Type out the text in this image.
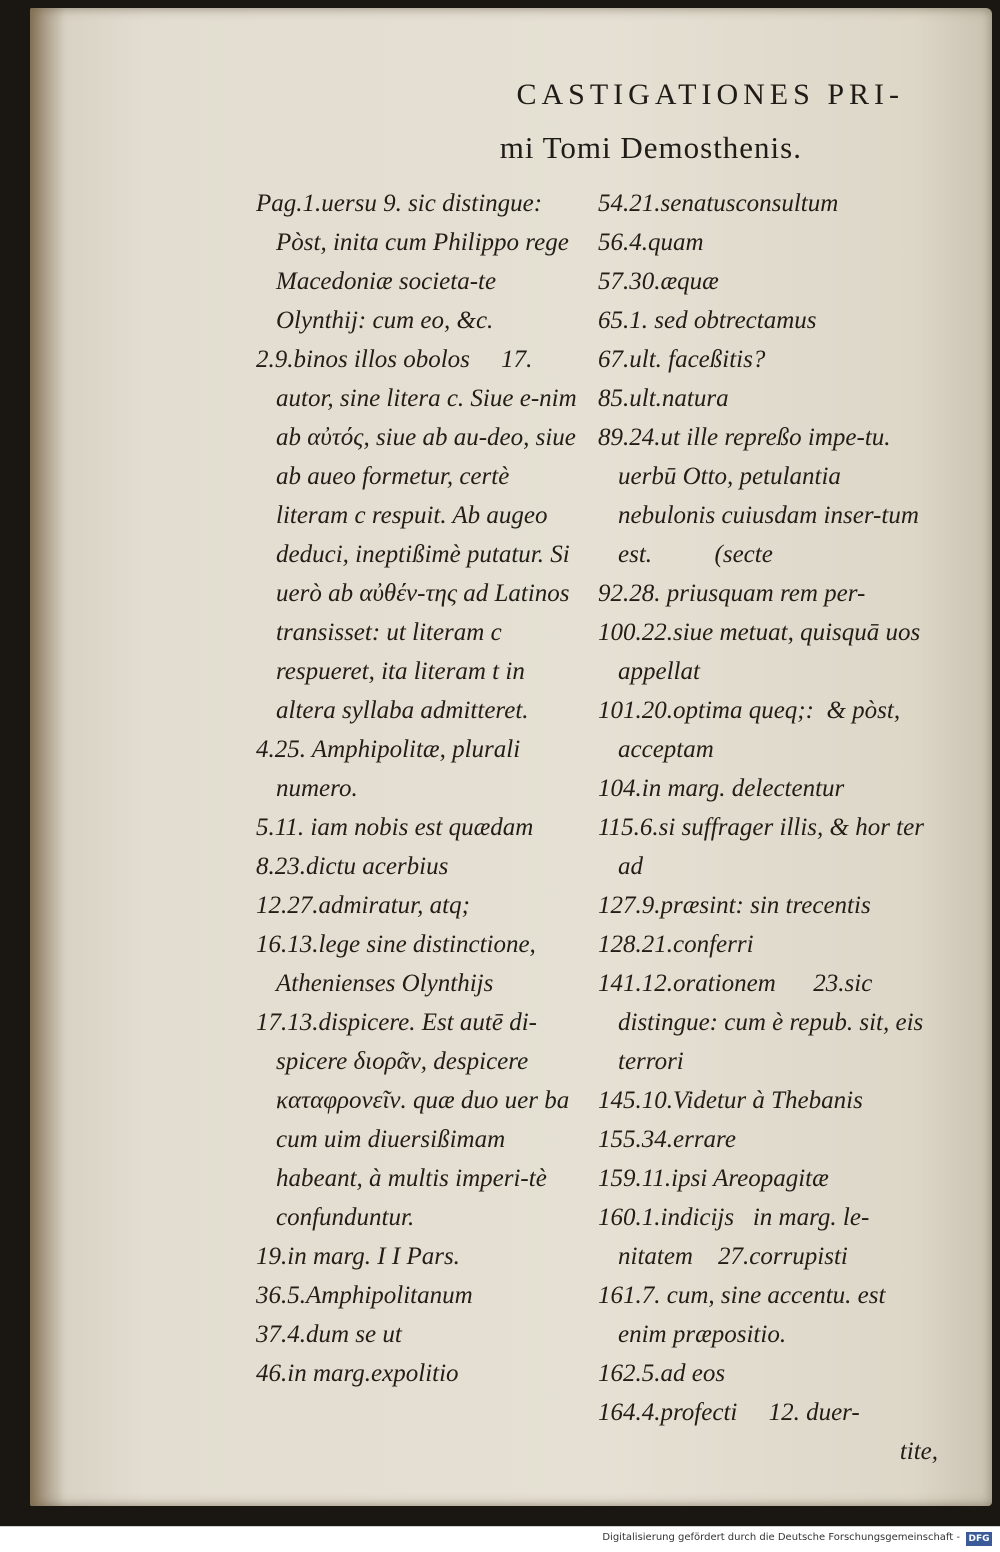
CASTIGATIONES PRI-
mi Tomi Demosthenis.

Pag.1.uersu 9. sic distingue: Pòst, inita cum Philippo rege Macedoniæ societa-te Olynthij: cum eo, &c.

2.9.binos illos obolos     17. autor, sine litera c. Siue e-nim ab αὐτός, siue ab au-deo, siue ab aueo formetur, certè literam c respuit. Ab augeo deduci, ineptißimè putatur. Si uerò ab αὐθέν-της ad Latinos transisset: ut literam c respueret, ita literam t in altera syllaba admitteret.

4.25. Amphipolitæ, plurali numero.

5.11. iam nobis est quædam

8.23.dictu acerbius

12.27.admiratur, atq;

16.13.lege sine distinctione, Athenienses Olynthijs

17.13.dispicere. Est autē di-spicere διορᾶν, despicere καταφρονεῖν. quæ duo uer ba cum uim diuersißimam habeant, à multis imperi-tè confunduntur.

19.in marg. I I Pars.

36.5.Amphipolitanum

37.4.dum se ut

46.in marg.expolitio

54.21.senatusconsultum

56.4.quam

57.30.æquæ

65.1. sed obtrectamus

67.ult. faceßitis?

85.ult.natura

89.24.ut ille repreßo impe-tu. uerbū Otto, petulantia nebulonis cuiusdam inser-tum est.          (secte

92.28. priusquam rem per-

100.22.siue metuat, quisquā uos appellat

101.20.optima queq;:  & pòst, acceptam

104.in marg. delectentur

115.6.si suffrager illis, & hor ter ad

127.9.præsint: sin trecentis

128.21.conferri

141.12.orationem      23.sic distingue: cum è repub. sit, eis terrori

145.10.Videtur à Thebanis

155.34.errare

159.11.ipsi Areopagitæ

160.1.indicijs   in marg. le-nitatem    27.corrupisti

161.7. cum, sine accentu. est enim præpositio.

162.5.ad eos

164.4.profecti     12. duer-

tite,

Digitalisierung gefördert durch die Deutsche Forschungsgemeinschaft - DFG
